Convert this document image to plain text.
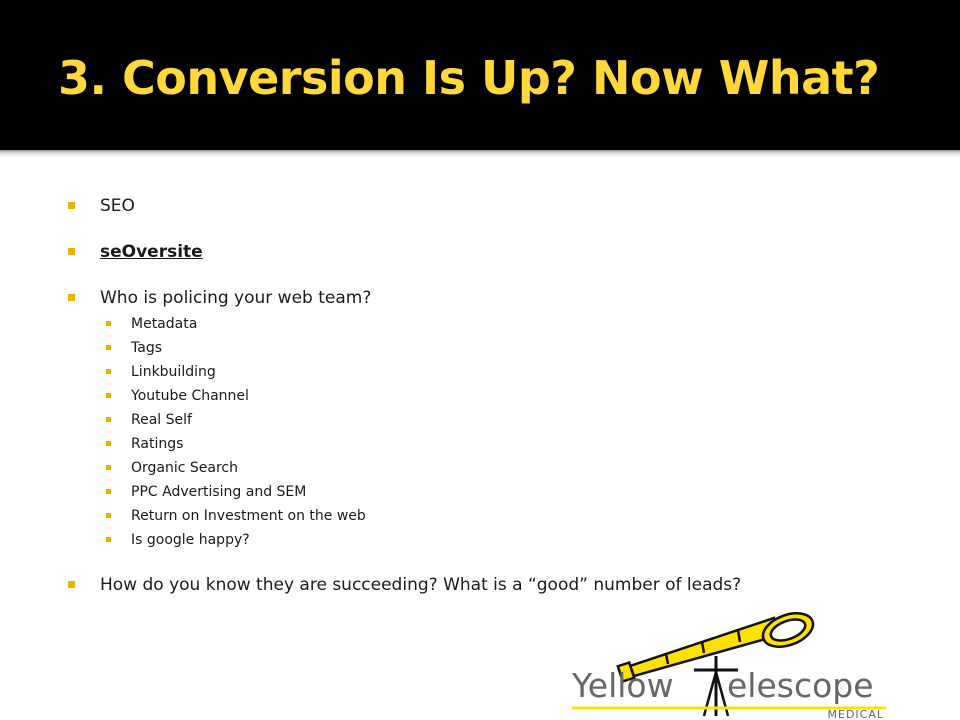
3. Conversion Is Up? Now What?
SEO
seOversite
Who is policing your web team?
Metadata
Tags
Linkbuilding
Youtube Channel
Real Self
Ratings
Organic Search
PPC Advertising and SEM
Return on Investment on the web
Is google happy?
How do you know they are succeeding? What is a “good” number of leads?
Yellow elescope
MEDICAL
